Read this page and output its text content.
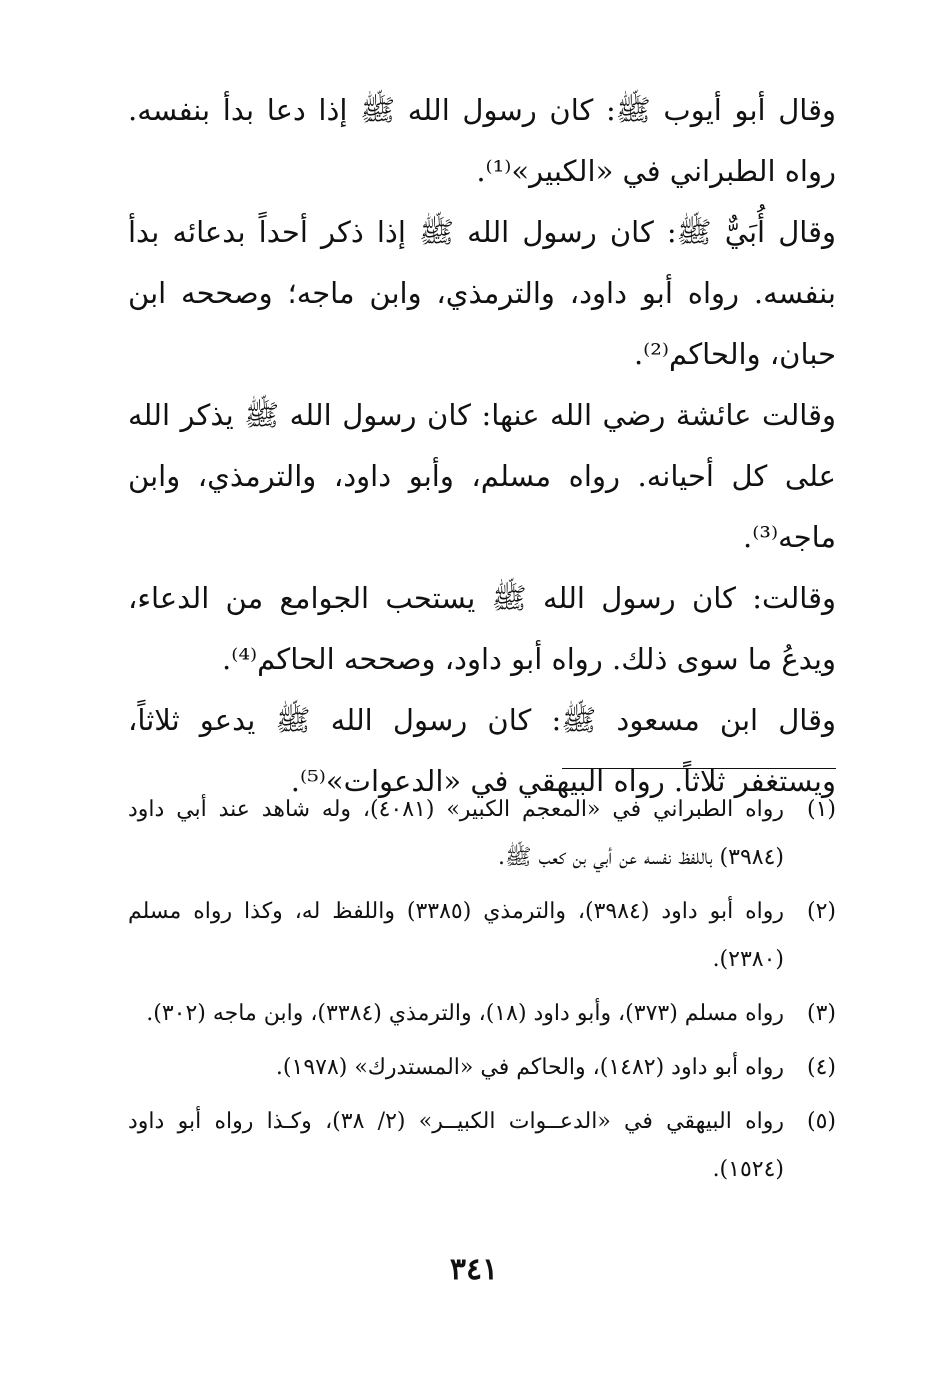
وقال أبو أيوب ﷺ: كان رسول الله ﷺ إذا دعا بدأ بنفسه. رواه الطبراني في «الكبير»⁽¹⁾.

وقال أُبَيٌّ ﷺ: كان رسول الله ﷺ إذا ذكر أحداً بدعائه بدأ بنفسه. رواه أبو داود، والترمذي، وابن ماجه؛ وصححه ابن حبان، والحاكم⁽²⁾.

وقالت عائشة رضي الله عنها: كان رسول الله ﷺ يذكر الله على كل أحيانه. رواه مسلم، وأبو داود، والترمذي، وابن ماجه⁽³⁾.

وقالت: كان رسول الله ﷺ يستحب الجوامع من الدعاء، ويدعُ ما سوى ذلك. رواه أبو داود، وصححه الحاكم⁽⁴⁾.

وقال ابن مسعود ﷺ: كان رسول الله ﷺ يدعو ثلاثاً، ويستغفر ثلاثاً. رواه البيهقي في «الدعوات»⁽⁵⁾.

(١)
رواه الطبراني في «المعجم الكبير» (٤٠٨١)، وله شاهد عند أبي داود (٣٩٨٤) باللفظ نفسه عن أبي بن كعب ﷺ.
(٢)
رواه أبو داود (٣٩٨٤)، والترمذي (٣٣٨٥) واللفظ له، وكذا رواه مسلم (٢٣٨٠).
(٣)
رواه مسلم (٣٧٣)، وأبو داود (١٨)، والترمذي (٣٣٨٤)، وابن ماجه (٣٠٢).
(٤)
رواه أبو داود (١٤٨٢)، والحاكم في «المستدرك» (١٩٧٨).
(٥)
رواه البيهقي في «الدعــوات الكبيــر» (٢/ ٣٨)، وكـذا رواه أبو داود (١٥٢٤).
٣٤١
